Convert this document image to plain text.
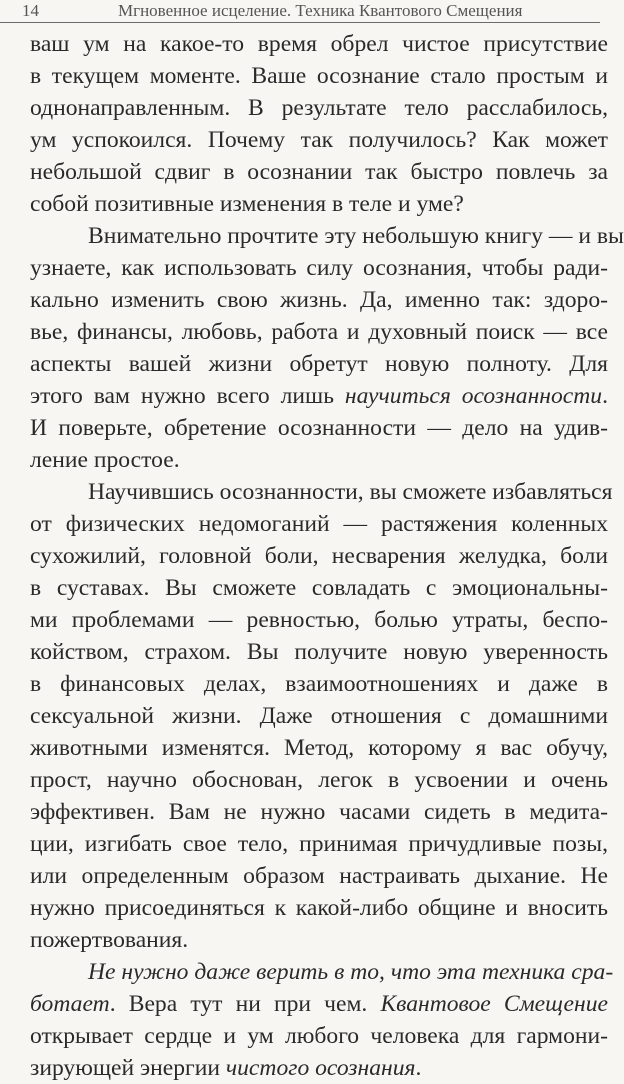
14	Мгновенное исцеление. Техника Квантового Смещения
ваш ум на какое-то время обрел чистое присутствие
в текущем моменте. Ваше осознание стало простым и
однонаправленным. В результате тело расслабилось,
ум успокоился. Почему так получилось? Как может
небольшой сдвиг в осознании так быстро повлечь за
собой позитивные изменения в теле и уме?
Внимательно прочтите эту небольшую книгу — и вы
узнаете, как использовать силу осознания, чтобы ради-
кально изменить свою жизнь. Да, именно так: здоро-
вье, финансы, любовь, работа и духовный поиск — все
аспекты вашей жизни обретут новую полноту. Для
этого вам нужно всего лишь научиться осознанности.
И поверьте, обретение осознанности — дело на удив-
ление простое.
Научившись осознанности, вы сможете избавляться
от физических недомоганий — растяжения коленных
сухожилий, головной боли, несварения желудка, боли
в суставах. Вы сможете совладать с эмоциональны-
ми проблемами — ревностью, болью утраты, беспо-
койством, страхом. Вы получите новую уверенность
в финансовых делах, взаимоотношениях и даже в
сексуальной жизни. Даже отношения с домашними
животными изменятся. Метод, которому я вас обучу,
прост, научно обоснован, легок в усвоении и очень
эффективен. Вам не нужно часами сидеть в медита-
ции, изгибать свое тело, принимая причудливые позы,
или определенным образом настраивать дыхание. Не
нужно присоединяться к какой-либо общине и вносить
пожертвования.
Не нужно даже верить в то, что эта техника сра-
ботает. Вера тут ни при чем. Квантовое Смещение
открывает сердце и ум любого человека для гармони-
зирующей энергии чистого осознания.
